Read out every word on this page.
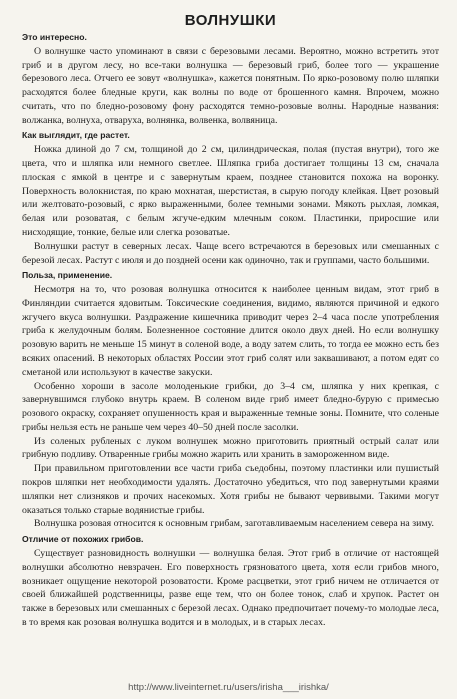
ВОЛНУШКИ
Это интересно.

О волнушке часто упоминают в связи с березовыми лесами. Вероятно, можно встретить этот гриб и в другом лесу, но все-таки волнушка — березовый гриб, более того — украшение березового леса. Отчего ее зовут «волнушка», кажется понятным. По ярко-розовому полю шляпки расходятся более бледные круги, как волны по воде от брошенного камня. Впрочем, можно считать, что по бледно-розовому фону расходятся темно-розовые волны. Народные названия: волжанка, волнуха, отваруха, волнянка, волвенка, волвяница.

Как выглядит, где растет.

Ножка длиной до 7 см, толщиной до 2 см, цилиндрическая, полая (пустая внутри), того же цвета, что и шляпка или немного светлее. Шляпка гриба достигает толщины 13 см, сначала плоская с ямкой в центре и с завернутым краем, позднее становится похожа на воронку. Поверхность волокнистая, по краю мохнатая, шерстистая, в сырую погоду клейкая. Цвет розовый или желтовато-розовый, с ярко выраженными, более темными зонами. Мякоть рыхлая, ломкая, белая или розоватая, с белым жгуче-едким млечным соком. Пластинки, приросшие или нисходящие, тонкие, белые или слегка розоватые.

Волнушки растут в северных лесах. Чаще всего встречаются в березовых или смешанных с березой лесах. Растут с июля и до поздней осени как одиночно, так и группами, часто большими.

Польза, применение.

Несмотря на то, что розовая волнушка относится к наиболее ценным видам, этот гриб в Финляндии считается ядовитым. Токсические соединения, видимо, являются причиной и едкого жгучего вкуса волнушки. Раздражение кишечника приводит через 2–4 часа после употребления гриба к желудочным болям. Болезненное состояние длится около двух дней. Но если волнушку розовую варить не меньше 15 минут в соленой воде, а воду затем слить, то тогда ее можно есть без всяких опасений. В некоторых областях России этот гриб солят или заквашивают, а потом едят со сметаной или используют в качестве закуски.

Особенно хороши в засоле молоденькие грибки, до 3–4 см, шляпка у них крепкая, с завернувшимся глубоко внутрь краем. В соленом виде гриб имеет бледно-бурую с примесью розового окраску, сохраняет опушенность края и выраженные темные зоны. Помните, что соленые грибы нельзя есть не раньше чем через 40–50 дней после засолки.

Из соленых рубленых с луком волнушек можно приготовить приятный острый салат или грибную подливу. Отваренные грибы можно жарить или хранить в замороженном виде.

При правильном приготовлении все части гриба съедобны, поэтому пластинки или пушистый покров шляпки нет необходимости удалять. Достаточно убедиться, что под завернутыми краями шляпки нет слизняков и прочих насекомых. Хотя грибы не бывают червивыми. Такими могут оказаться только старые водянистые грибы.

Волнушка розовая относится к основным грибам, заготавливаемым населением севера на зиму.

Отличие от похожих грибов.

Существует разновидность волнушки — волнушка белая. Этот гриб в отличие от настоящей волнушки абсолютно невзрачен. Его поверхность грязноватого цвета, хотя если грибов много, возникает ощущение некоторой розоватости. Кроме расцветки, этот гриб ничем не отличается от своей ближайшей родственницы, разве еще тем, что он более тонок, слаб и хрупок. Растет он также в березовых или смешанных с березой лесах. Однако предпочитает почему-то молодые леса, в то время как розовая волнушка водится и в молодых, и в старых лесах.

http://www.liveinternet.ru/users/irisha___irishka/
